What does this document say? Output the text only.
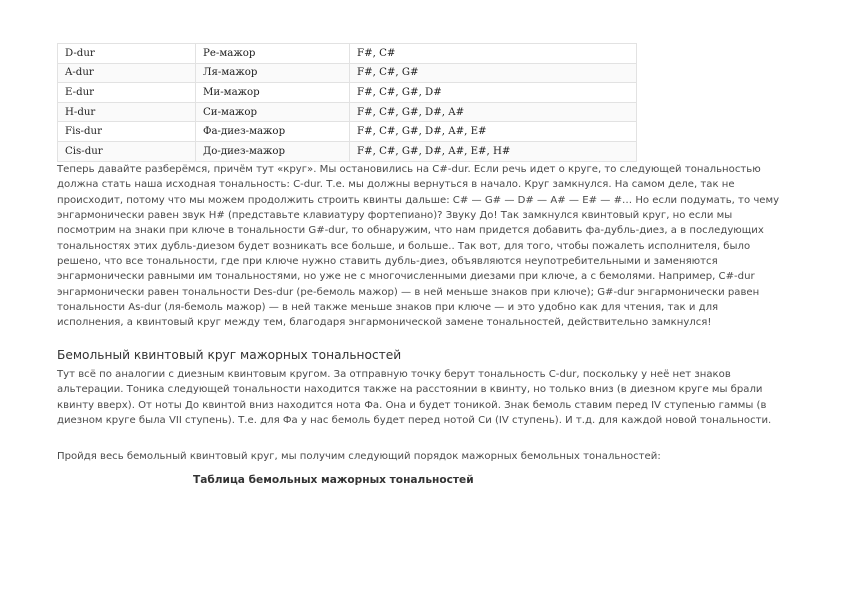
D-dur	Ре-мажор	F#, C#
A-dur	Ля-мажор	F#, C#, G#
E-dur	Ми-мажор	F#, C#, G#, D#
H-dur	Си-мажор	F#, C#, G#, D#, A#
Fis-dur	Фа-диез-мажор	F#, C#, G#, D#, A#, E#
Cis-dur	До-диез-мажор	F#, C#, G#, D#, A#, E#, H#

Теперь давайте разберёмся, причём тут «круг». Мы остановились на C#-dur. Если речь идет о круге, то следующей тональностью должна стать наша исходная тональность: C-dur. Т.е. мы должны вернуться в начало. Круг замкнулся. На самом деле, так не происходит, потому что мы можем продолжить строить квинты дальше: C# — G# — D# — A# — E# — #… Но если подумать, то чему энгармонически равен звук H# (представьте клавиатуру фортепиано)? Звуку До! Так замкнулся квинтовый круг, но если мы посмотрим на знаки при ключе в тональности G#-dur, то обнаружим, что нам придется добавить фа-дубль-диез, а в последующих тональностях этих дубль-диезом будет возникать все больше, и больше.. Так вот, для того, чтобы пожалеть исполнителя, было решено, что все тональности, где при ключе нужно ставить дубль-диез, объявляются неупотребительными и заменяются энгармонически равными им тональностями, но уже не с многочисленными диезами при ключе, а с бемолями. Например, C#-dur энгармонически равен тональности Des-dur (ре-бемоль мажор) — в ней меньше знаков при ключе); G#-dur энгармонически равен тональности As-dur (ля-бемоль мажор) — в ней также меньше знаков при ключе — и это удобно как для чтения, так и для исполнения, а квинтовый круг между тем, благодаря энгармонической замене тональностей, действительно замкнулся!

Бемольный квинтовый круг мажорных тональностей

Тут всё по аналогии с диезным квинтовым кругом. За отправную точку берут тональность C-dur, поскольку у неё нет знаков альтерации. Тоника следующей тональности находится также на расстоянии в квинту, но только вниз (в диезном круге мы брали квинту вверх). От ноты До квинтой вниз находится нота Фа. Она и будет тоникой. Знак бемоль ставим перед IV ступенью гаммы (в диезном круге была VII ступень). Т.е. для Фа у нас бемоль будет перед нотой Си (IV ступень). И т.д. для каждой новой тональности.

Пройдя весь бемольный квинтовый круг, мы получим следующий порядок мажорных бемольных тональностей:

Таблица бемольных мажорных тональностей
